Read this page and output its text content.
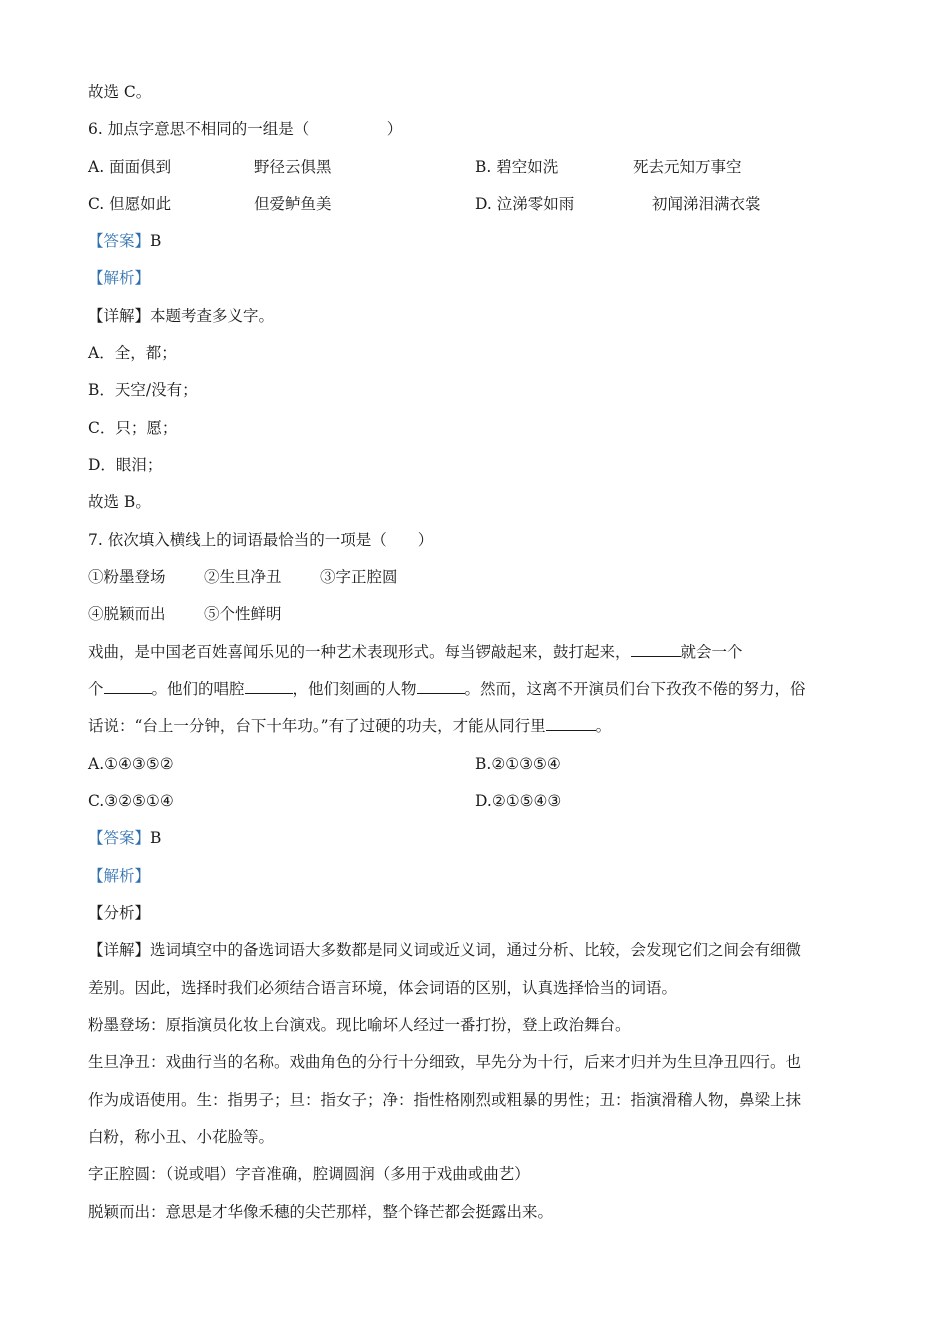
故选 C。
6. 加点字意思不相同的一组是（　　　　　）
A. 面面俱到	野径云俱黑	B. 碧空如洗	死去元知万事空
C. 但愿如此	但爱鲈鱼美	D. 泣涕零如雨	初闻涕泪满衣裳
【答案】B
【解析】
【详解】本题考查多义字。
A．全，都；
B．天空/没有；
C．只；愿；
D．眼泪；
故选 B。
7. 依次填入横线上的词语最恰当的一项是（　　）
①粉墨登场 ②生旦净丑 ③字正腔圆
④脱颖而出 ⑤个性鲜明
戏曲，是中国老百姓喜闻乐见的一种艺术表现形式。每当锣敲起来，鼓打起来，	就会一个
个	。他们的唱腔	，他们刻画的人物	。然而，这离不开演员们台下孜孜不倦的努力，俗
话说：“台上一分钟，台下十年功。”有了过硬的功夫，才能从同行里	。
A.①④③⑤②	B.②①③⑤④
C.③②⑤①④	D.②①⑤④③
【答案】B
【解析】
【分析】
【详解】选词填空中的备选词语大多数都是同义词或近义词，通过分析、比较，会发现它们之间会有细微
差别。因此，选择时我们必须结合语言环境，体会词语的区别，认真选择恰当的词语。
粉墨登场：原指演员化妆上台演戏。现比喻坏人经过一番打扮，登上政治舞台。
生旦净丑：戏曲行当的名称。戏曲角色的分行十分细致，早先分为十行，后来才归并为生旦净丑四行。也
作为成语使用。生：指男子；旦：指女子；净：指性格刚烈或粗暴的男性；丑：指演滑稽人物，鼻梁上抹
白粉，称小丑、小花脸等。
字正腔圆：（说或唱）字音准确，腔调圆润（多用于戏曲或曲艺）
脱颖而出：意思是才华像禾穗的尖芒那样，整个锋芒都会挺露出来。
